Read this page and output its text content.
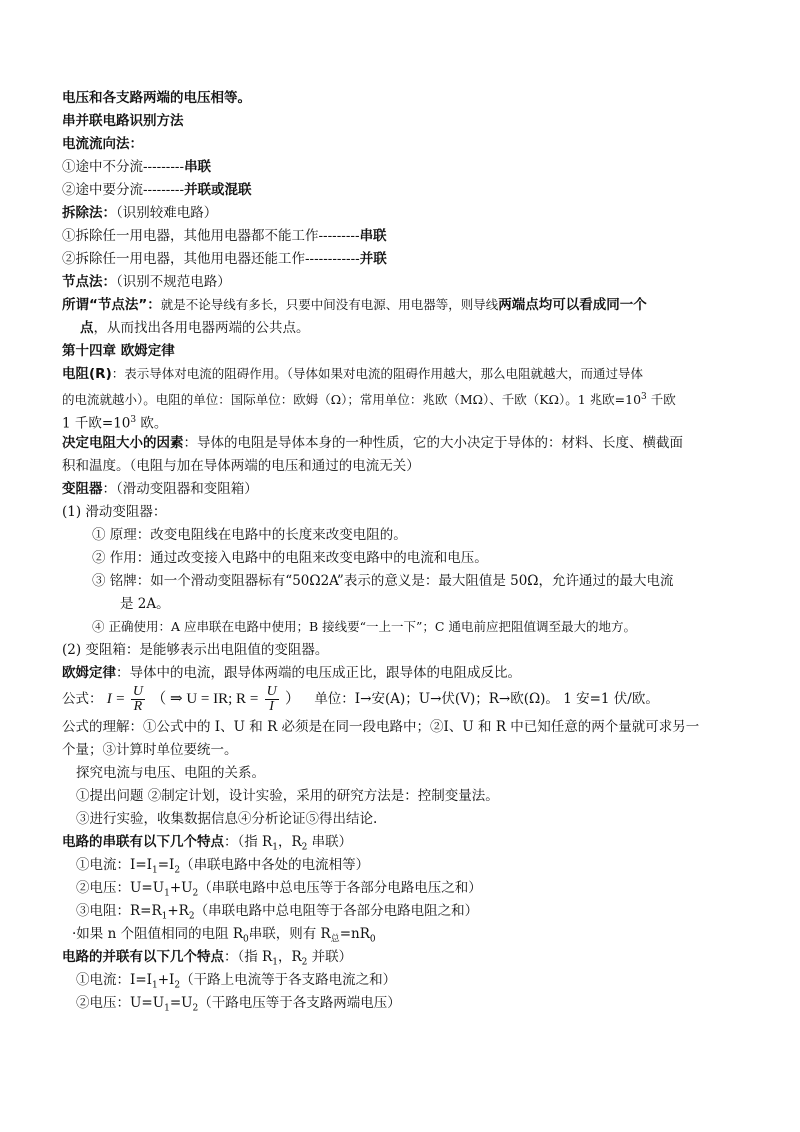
电压和各支路两端的电压相等。
串并联电路识别方法
电流流向法：
①途中不分流---------串联
②途中要分流---------并联或混联
拆除法：（识别较难电路）
①拆除任一用电器，其他用电器都不能工作---------串联
②拆除任一用电器，其他用电器还能工作------------并联
节点法：（识别不规范电路）
所谓“节点法”：就是不论导线有多长，只要中间没有电源、用电器等，则导线两端点均可以看成同一个
点，从而找出各用电器两端的公共点。
第十四章 欧姆定律
电阻(R)：表示导体对电流的阻碍作用。（导体如果对电流的阻碍作用越大，那么电阻就越大，而通过导体
的电流就越小）。电阻的单位：国际单位：欧姆（Ω）；常用单位：兆欧（MΩ）、千欧（KΩ）。1 兆欧$=10^3$ 千欧
1 千欧$=10^3$ 欧。
决定电阻大小的因素：导体的电阻是导体本身的一种性质，它的大小决定于导体的：材料、长度、横截面
积和温度。（电阻与加在导体两端的电压和通过的电流无关）
变阻器：（滑动变阻器和变阻箱）
(1) 滑动变阻器：
① 原理：改变电阻线在电路中的长度来改变电阻的。
② 作用：通过改变接入电路中的电阻来改变电路中的电流和电压。
③ 铭牌：如一个滑动变阻器标有“50Ω2A”表示的意义是：最大阻值是 50Ω，允许通过的最大电流
是 2A。
④ 正确使用：A 应串联在电路中使用；B 接线要“一上一下”；C 通电前应把阻值调至最大的地方。
(2) 变阻箱：是能够表示出电阻值的变阻器。
欧姆定律：导体中的电流，跟导体两端的电压成正比，跟导体的电阻成反比。
公式： $I = \frac{U}{R}$ （ ⇒ U = IR; $R = \frac{U}{I}$ ） 单位：I→安(A)；U→伏(V)；R→欧(Ω)。 1 安=1 伏/欧。
公式的理解：①公式中的 I、U 和 R 必须是在同一段电路中；②I、U 和 R 中已知任意的两个量就可求另一
个量；③计算时单位要统一。
探究电流与电压、电阻的关系。
①提出问题 ②制定计划，设计实验，采用的研究方法是：控制变量法。
③进行实验，收集数据信息④分析论证⑤得出结论.
电路的串联有以下几个特点：（指 $R_1$，$R_2$ 串联）
①电流：$I=I_1=I_2$（串联电路中各处的电流相等）
②电压：$U=U_1+U_2$（串联电路中总电压等于各部分电路电压之和）
③电阻：$R=R_1+R_2$（串联电路中总电阻等于各部分电路电阻之和）
·如果 n 个阻值相同的电阻 $R_0$串联，则有 $R_总=nR_0$
电路的并联有以下几个特点：（指 $R_1$，$R_2$ 并联）
①电流：$I=I_1+I_2$（干路上电流等于各支路电流之和）
②电压：$U=U_1=U_2$（干路电压等于各支路两端电压）
